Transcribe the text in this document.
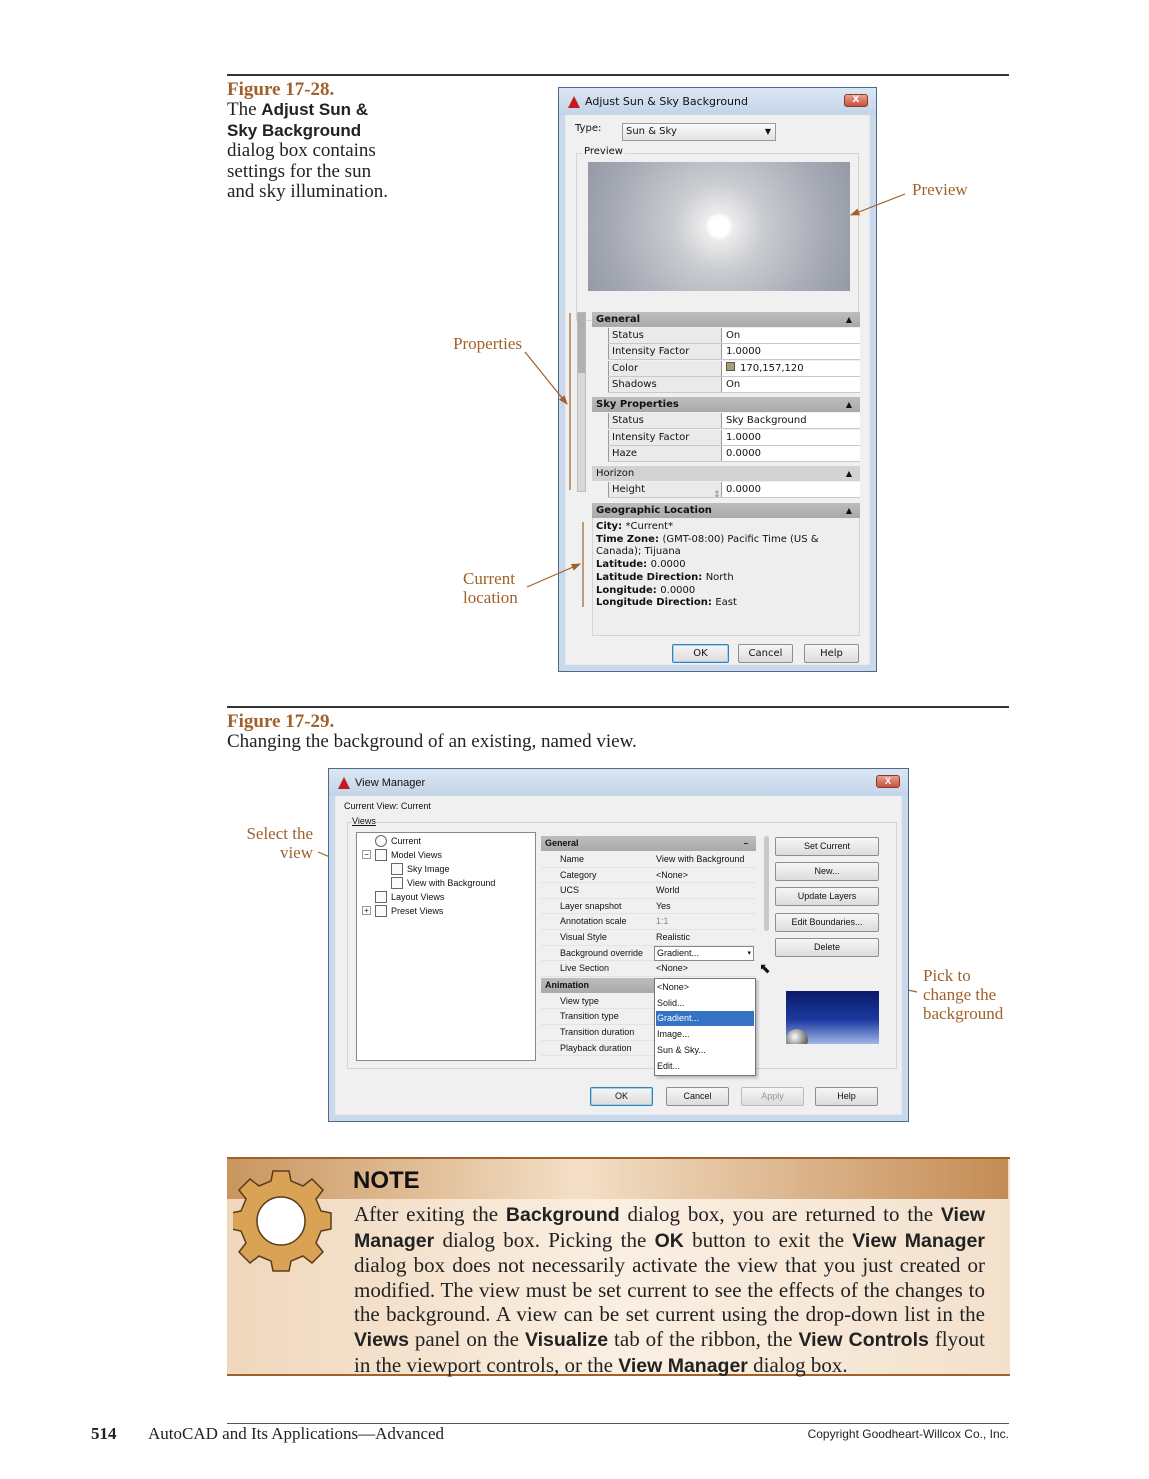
Figure 17-28.
The Adjust Sun & Sky Background dialog box contains settings for the sun and sky illumination.
Adjust Sun & Sky Background	X
Type:	Sun & Sky	▼
Preview
General	▲
Status	On
Intensity Factor	1.0000
Color	170,157,120
Shadows	On
Sky Properties	▲
Status	Sky Background
Intensity Factor	1.0000
Haze	0.0000
Horizon	▲
Height	0.0000
⇕
Geographic Location	▲
City: *Current*
Time Zone: (GMT-08:00) Pacific Time (US &
Canada); Tijuana
Latitude: 0.0000
Latitude Direction: North
Longitude: 0.0000
Longitude Direction: East
OK	Cancel	Help
Preview
Properties
Current location
Figure 17-29.
Changing the background of an existing, named view.
View Manager	X
Current View: Current
Views
Current
Model Views
Sky Image
View with Background
Layout Views
Preset Views
−
+
General	−
Name	View with Background
Category	<None>
UCS	World
Layer snapshot	Yes
Annotation scale	1:1
Visual Style	Realistic
Background override Gradient...	▾
Live Section	<None>
Animation
View type
Transition type
Transition duration
Playback duration
Set Current
New...
Update Layers
Edit Boundaries...
Delete
<None>
Solid...
Gradient...
Image...
Sun & Sky...
Edit...
⬉
OK	Cancel	Apply	Help
Select the view
Pick to change the background
NOTE
After exiting the Background dialog box, you are returned to the View Manager dialog box. Picking the OK button to exit the View Manager dialog box does not necessarily activate the view that you just created or modified. The view must be set current to see the effects of the changes to the background. A view can be set current using the drop-down list in the Views panel on the Visualize tab of the ribbon, the View Controls flyout in the viewport controls, or the View Manager dialog box.
514 AutoCAD and Its Applications—Advanced	Copyright Goodheart-Willcox Co., Inc.
